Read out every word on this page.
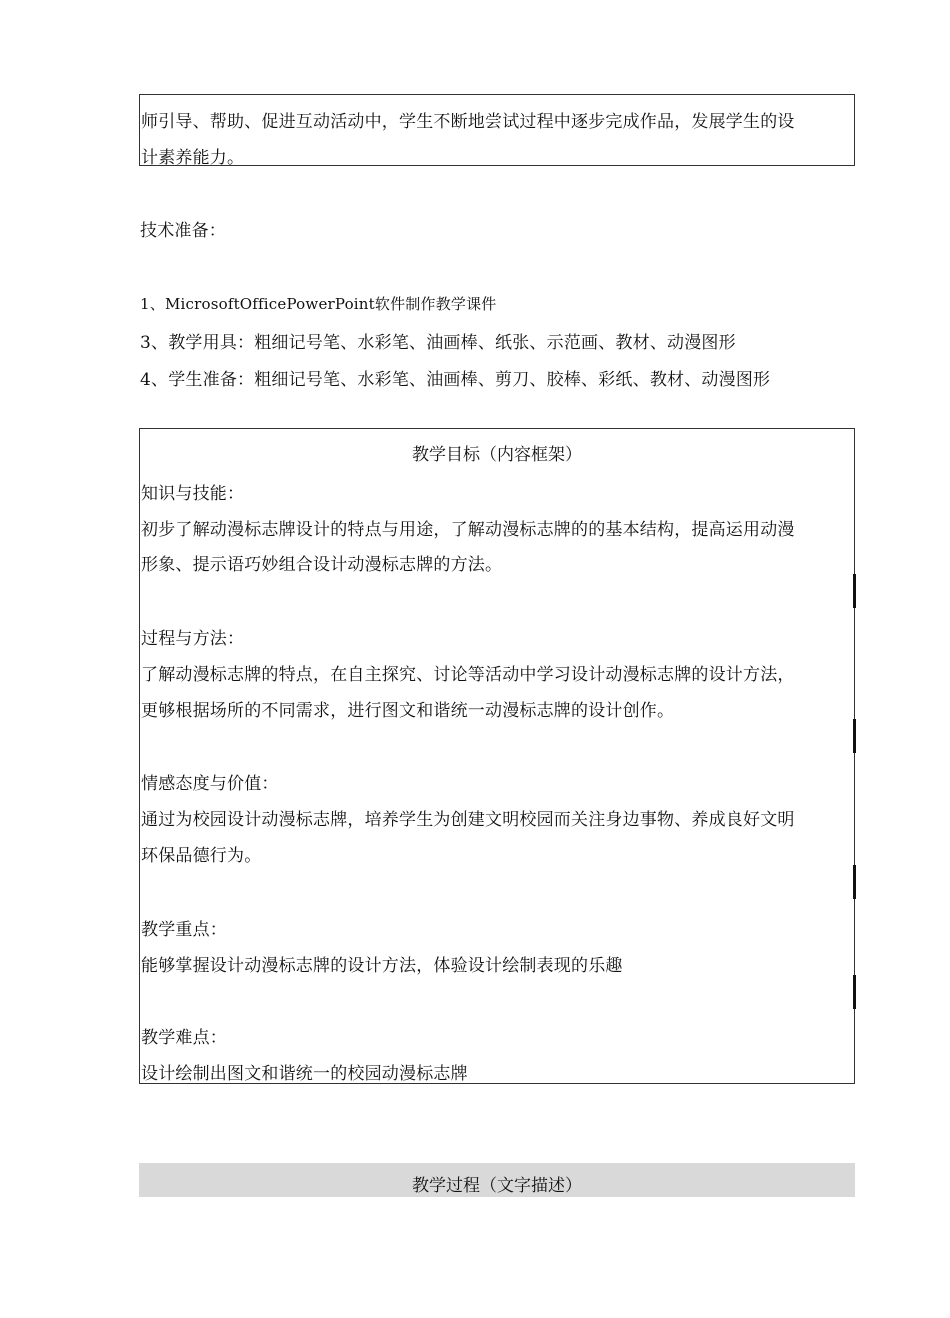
师引导、帮助、促进互动活动中，学生不断地尝试过程中逐步完成作品，发展学生的设
计素养能力。
技术准备：
1、MicrosoftOfficePowerPoint软件制作教学课件
3、教学用具：粗细记号笔、水彩笔、油画棒、纸张、示范画、教材、动漫图形
4、学生准备：粗细记号笔、水彩笔、油画棒、剪刀、胶棒、彩纸、教材、动漫图形
教学目标（内容框架）
知识与技能：
初步了解动漫标志牌设计的特点与用途，了解动漫标志牌的的基本结构，提高运用动漫
形象、提示语巧妙组合设计动漫标志牌的方法。
过程与方法：
了解动漫标志牌的特点，在自主探究、讨论等活动中学习设计动漫标志牌的设计方法，
更够根据场所的不同需求，进行图文和谐统一动漫标志牌的设计创作。
情感态度与价值：
通过为校园设计动漫标志牌，培养学生为创建文明校园而关注身边事物、养成良好文明
环保品德行为。
教学重点：
能够掌握设计动漫标志牌的设计方法，体验设计绘制表现的乐趣
教学难点：
设计绘制出图文和谐统一的校园动漫标志牌
教学过程（文字描述）
